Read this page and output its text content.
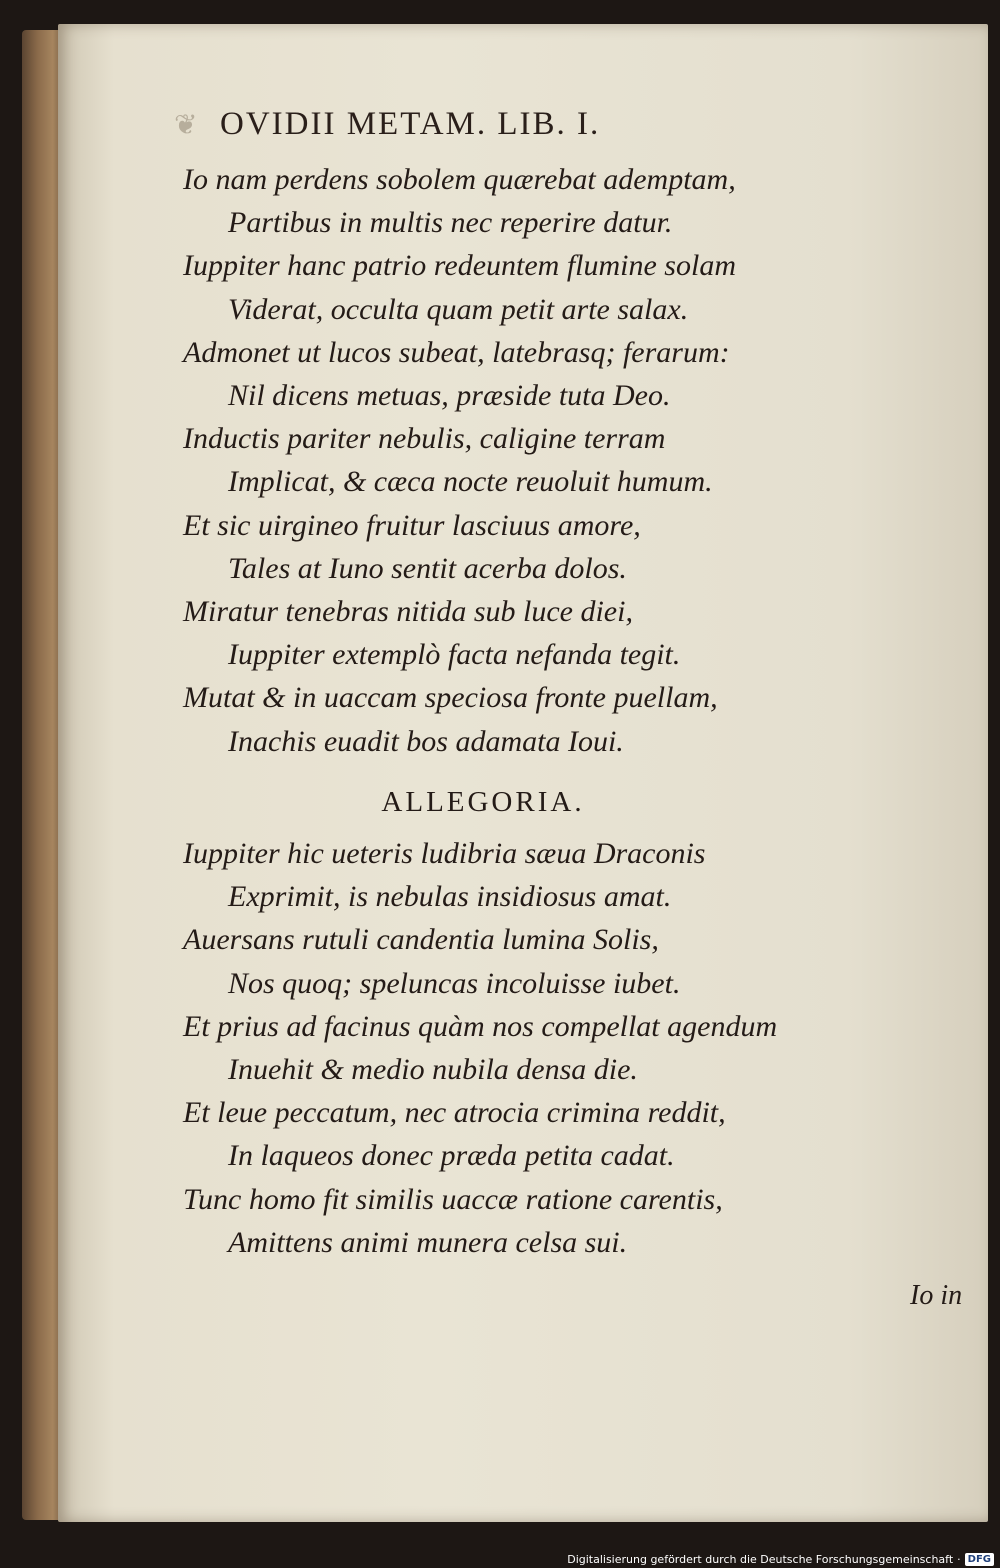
❦ OVIDII METAM. LIB. I.
Io nam perdens sobolem quærebat ademptam,
Partibus in multis nec reperire datur.
Iuppiter hanc patrio redeuntem flumine solam
Viderat, occulta quam petit arte salax.
Admonet ut lucos subeat, latebrasq; ferarum:
Nil dicens metuas, præside tuta Deo.
Inductis pariter nebulis, caligine terram
Implicat, & cæca nocte reuoluit humum.
Et sic uirgineo fruitur lasciuus amore,
Tales at Iuno sentit acerba dolos.
Miratur tenebras nitida sub luce diei,
Iuppiter extemplò facta nefanda tegit.
Mutat & in uaccam speciosa fronte puellam,
Inachis euadit bos adamata Ioui.
ALLEGORIA.
Iuppiter hic ueteris ludibria sæua Draconis
Exprimit, is nebulas insidiosus amat.
Auersans rutuli candentia lumina Solis,
Nos quoq; speluncas incoluisse iubet.
Et prius ad facinus quàm nos compellat agendum
Inuehit & medio nubila densa die.
Et leue peccatum, nec atrocia crimina reddit,
In laqueos donec præda petita cadat.
Tunc homo fit similis uaccæ ratione carentis,
Amittens animi munera celsa sui.
Io in
Digitalisierung gefördert durch die Deutsche Forschungsgemeinschaft · DFG
